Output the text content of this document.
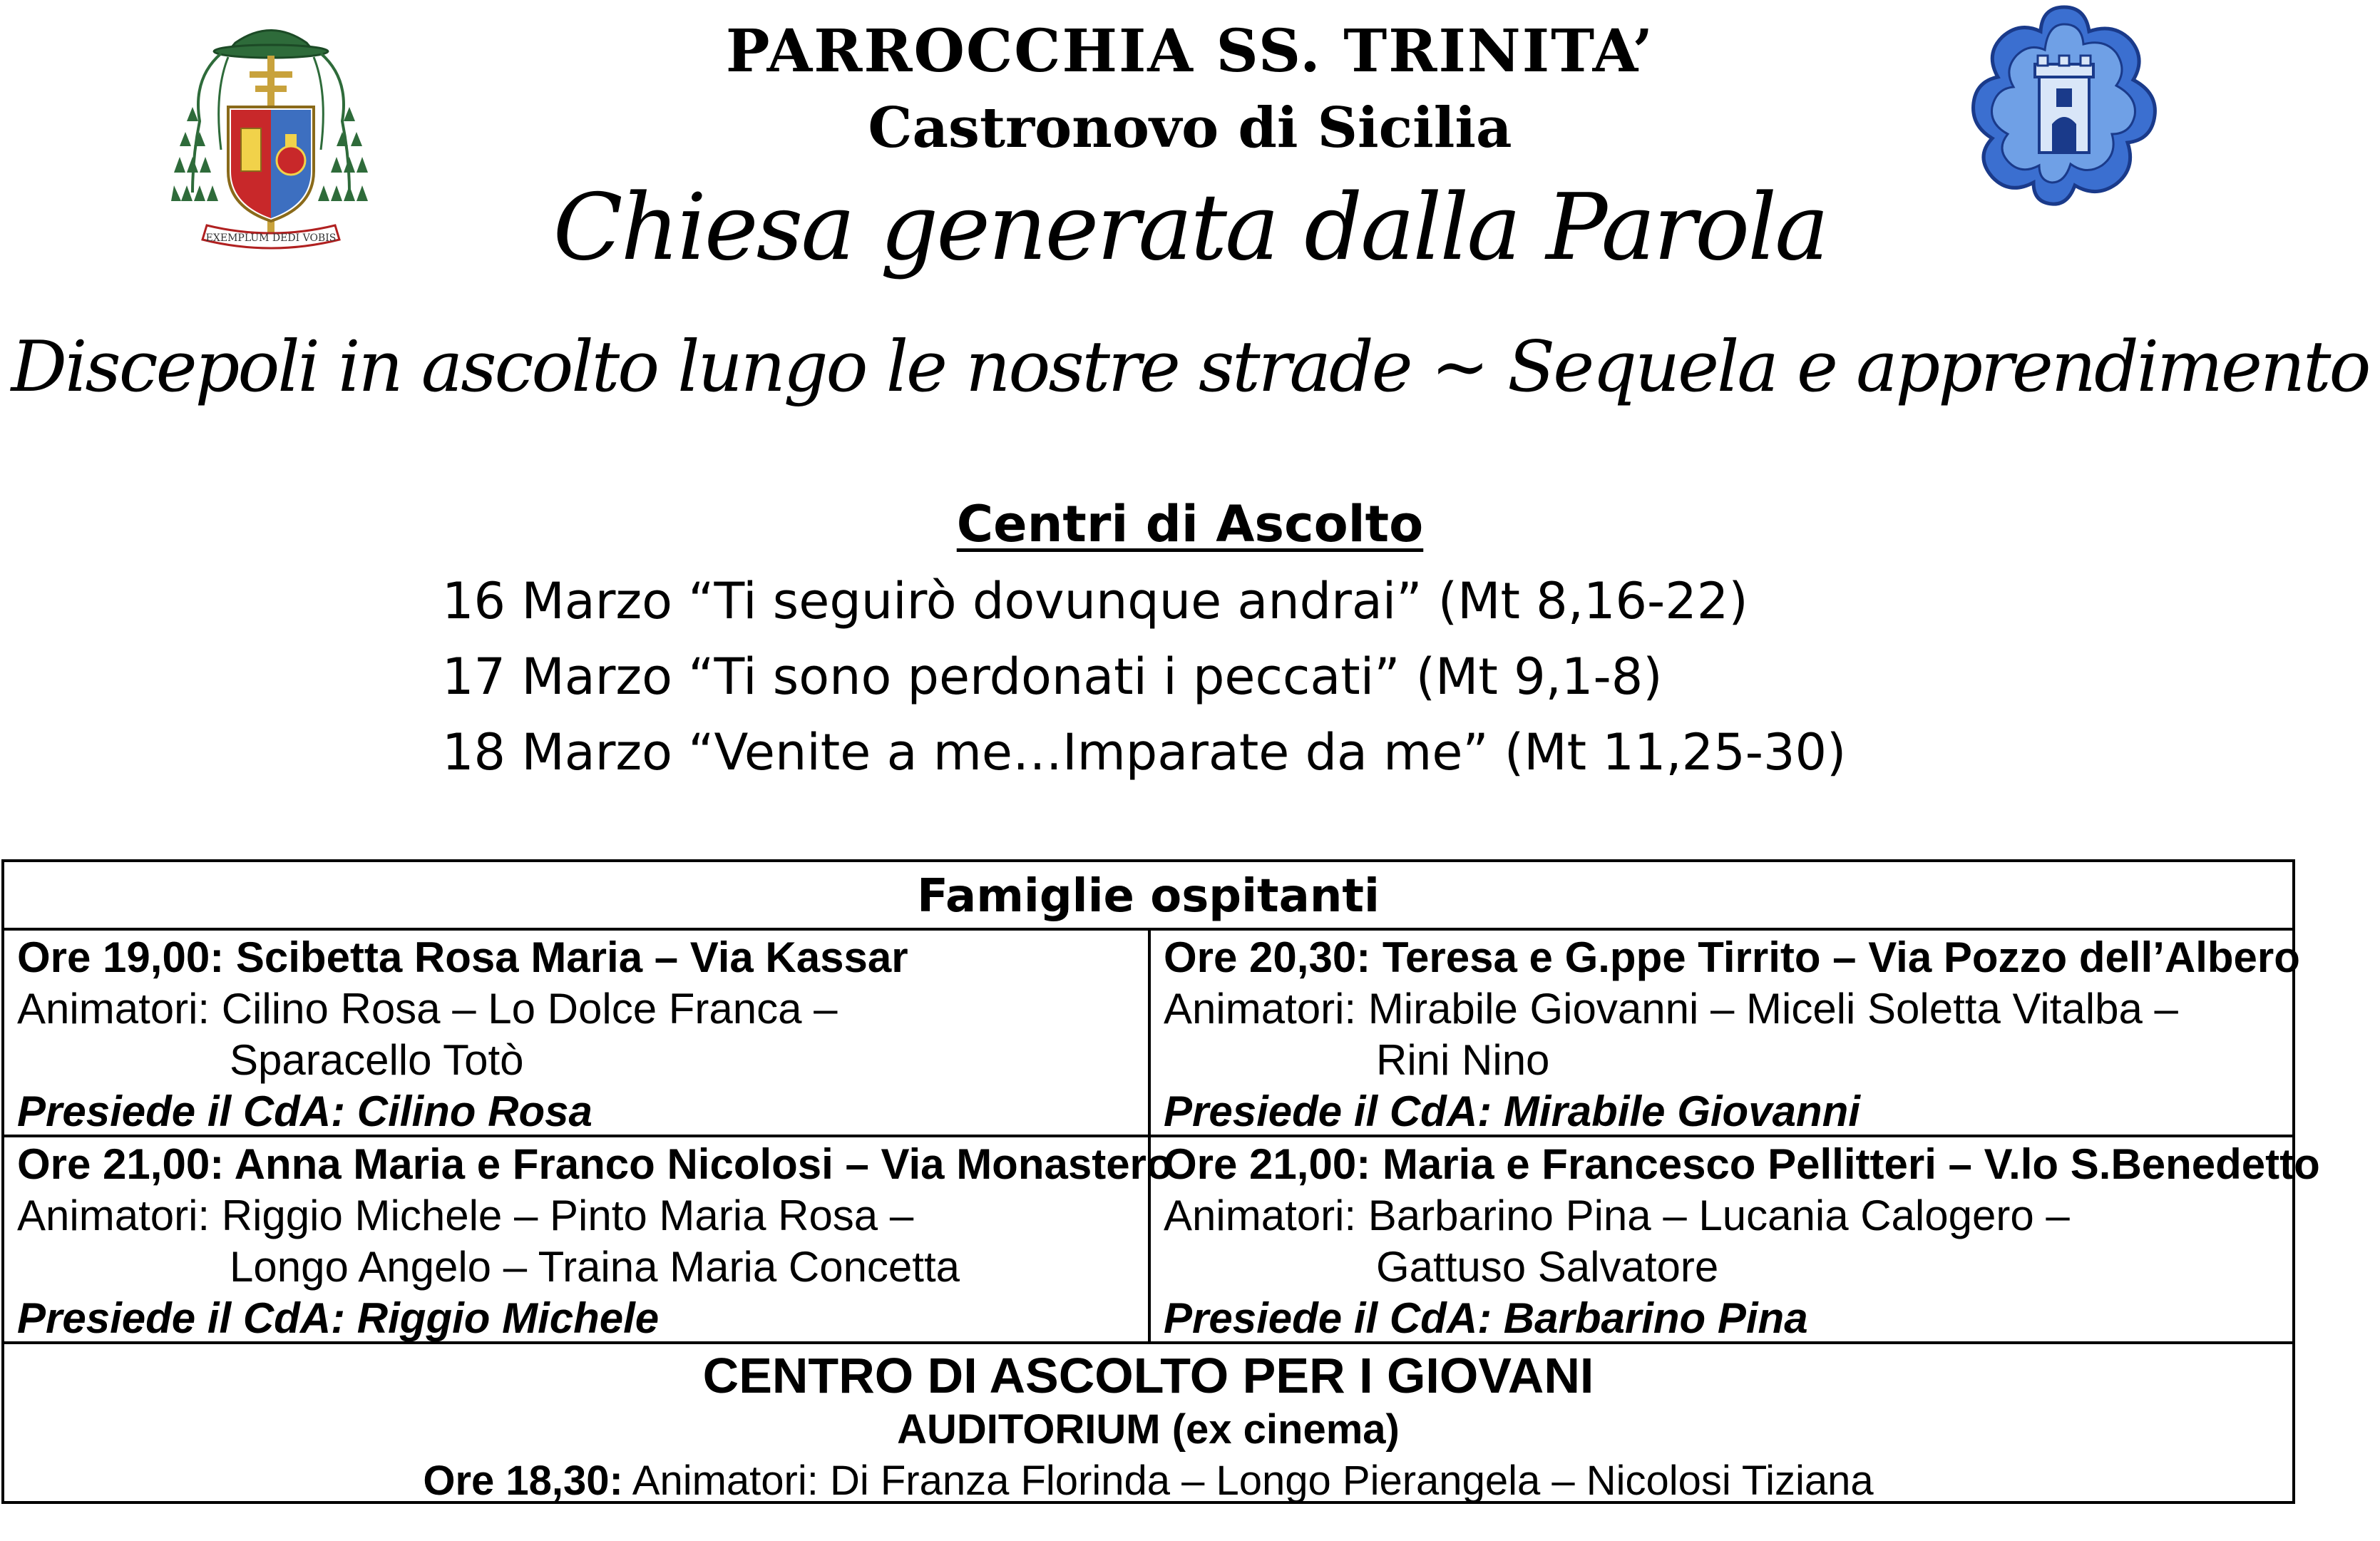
EXEMPLUM DEDI VOBIS
PARROCCHIA SS. TRINITA’
Castronovo di Sicilia
Chiesa generata dalla Parola
Discepoli in ascolto lungo le nostre strade ~ Sequela e apprendimento
Centri di Ascolto
16 Marzo “Ti seguirò dovunque andrai” (Mt 8,16-22)
17 Marzo “Ti sono perdonati i peccati” (Mt 9,1-8)
18 Marzo “Venite a me…Imparate da me” (Mt 11,25-30)
Famiglie ospitanti
Ore 19,00: Scibetta Rosa Maria – Via Kassar
Animatori: Cilino Rosa – Lo Dolce Franca –
Sparacello Totò
Presiede il CdA: Cilino Rosa
Ore 20,30: Teresa e G.ppe Tirrito – Via Pozzo dell’Albero
Animatori: Mirabile Giovanni – Miceli Soletta Vitalba –
Rini Nino
Presiede il CdA: Mirabile Giovanni
Ore 21,00: Anna Maria e Franco Nicolosi – Via Monastero
Animatori: Riggio Michele – Pinto Maria Rosa –
Longo Angelo – Traina Maria Concetta
Presiede il CdA: Riggio Michele
Ore 21,00: Maria e Francesco Pellitteri – V.lo S.Benedetto
Animatori: Barbarino Pina – Lucania Calogero –
Gattuso Salvatore
Presiede il CdA: Barbarino Pina
CENTRO DI ASCOLTO PER I GIOVANI
AUDITORIUM (ex cinema)
Ore 18,30: Animatori: Di Franza Florinda – Longo Pierangela – Nicolosi Tiziana
